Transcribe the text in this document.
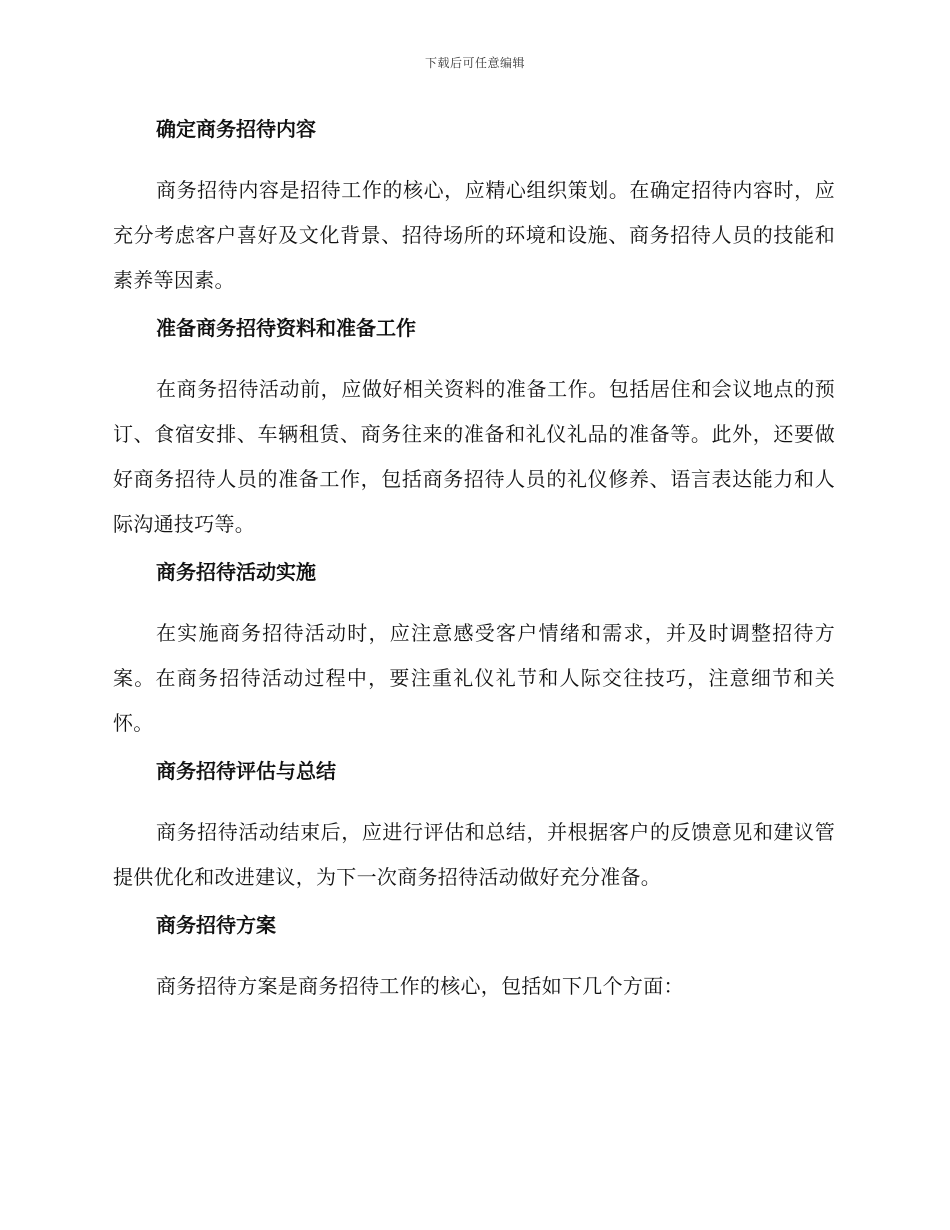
下载后可任意编辑

确定商务招待内容

商务招待内容是招待工作的核心，应精心组织策划。在确定招待内容时，应充分考虑客户喜好及文化背景、招待场所的环境和设施、商务招待人员的技能和素养等因素。

准备商务招待资料和准备工作

在商务招待活动前，应做好相关资料的准备工作。包括居住和会议地点的预订、食宿安排、车辆租赁、商务往来的准备和礼仪礼品的准备等。此外，还要做好商务招待人员的准备工作，包括商务招待人员的礼仪修养、语言表达能力和人际沟通技巧等。

商务招待活动实施

在实施商务招待活动时，应注意感受客户情绪和需求，并及时调整招待方案。在商务招待活动过程中，要注重礼仪礼节和人际交往技巧，注意细节和关怀。

商务招待评估与总结

商务招待活动结束后，应进行评估和总结，并根据客户的反馈意见和建议管提供优化和改进建议，为下一次商务招待活动做好充分准备。

商务招待方案

商务招待方案是商务招待工作的核心，包括如下几个方面：
